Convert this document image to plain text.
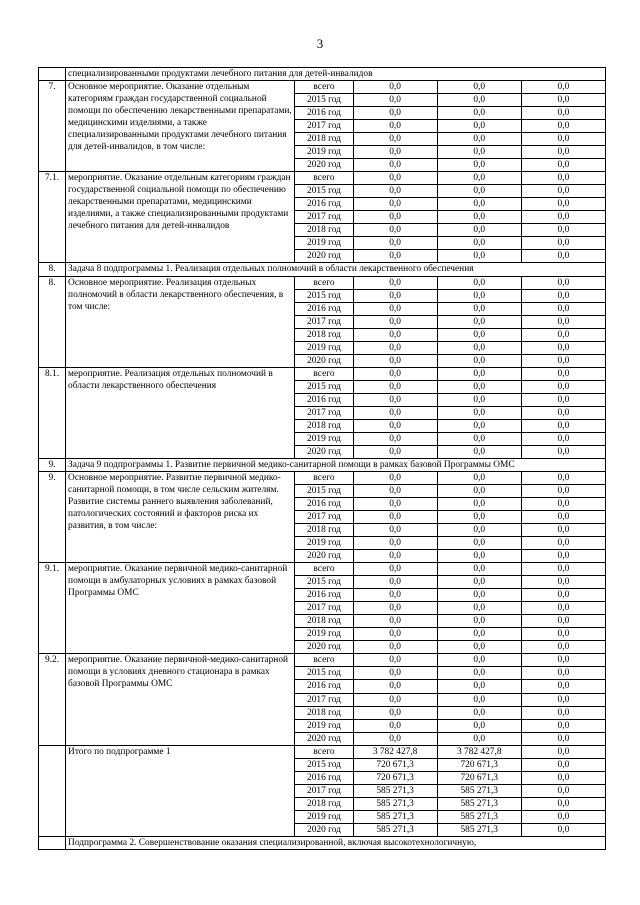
3
	специализированными продуктами лечебного питания для детей-инвалидов				
7.	Основное мероприятие. Оказание отдельным категориям граждан государственной социальной помощи по обеспечению лекарственными препаратами, медицинскими изделиями, а также специализированными продуктами лечебного питания для детей-инвалидов, в том числе:	всего	0,0	0,0	0,0
		2015 год	0,0	0,0	0,0
		2016 год	0,0	0,0	0,0
		2017 год	0,0	0,0	0,0
		2018 год	0,0	0,0	0,0
		2019 год	0,0	0,0	0,0
		2020 год	0,0	0,0	0,0
7.1.	мероприятие. Оказание отдельным категориям граждан государственной социальной помощи по обеспечению лекарственными препаратами, медицинскими изделиями, а также специализированными продуктами лечебного питания для детей-инвалидов	всего	0,0	0,0	0,0
		2015 год	0,0	0,0	0,0
		2016 год	0,0	0,0	0,0
		2017 год	0,0	0,0	0,0
		2018 год	0,0	0,0	0,0
		2019 год	0,0	0,0	0,0
		2020 год	0,0	0,0	0,0
8.	Задача 8 подпрограммы 1. Реализация отдельных полномочий в области лекарственного обеспечения				
8.	Основное мероприятие. Реализация отдельных полномочий в области лекарственного обеспечения, в том числе:	всего	0,0	0,0	0,0
		2015 год	0,0	0,0	0,0
		2016 год	0,0	0,0	0,0
		2017 год	0,0	0,0	0,0
		2018 год	0,0	0,0	0,0
		2019 год	0,0	0,0	0,0
		2020 год	0,0	0,0	0,0
8.1.	мероприятие. Реализация отдельных полномочий в области лекарственного обеспечения	всего	0,0	0,0	0,0
		2015 год	0,0	0,0	0,0
		2016 год	0,0	0,0	0,0
		2017 год	0,0	0,0	0,0
		2018 год	0,0	0,0	0,0
		2019 год	0,0	0,0	0,0
		2020 год	0,0	0,0	0,0
9.	Задача 9 подпрограммы 1. Развитие первичной медико-санитарной помощи в рамках базовой Программы ОМС				
9.	Основное мероприятие. Развитие первичной медико-санитарной помощи, в том числе сельским жителям. Развитие системы раннего выявления заболеваний, патологических состояний и факторов риска их развития, в том числе:	всего	0,0	0,0	0,0
		2015 год	0,0	0,0	0,0
		2016 год	0,0	0,0	0,0
		2017 год	0,0	0,0	0,0
		2018 год	0,0	0,0	0,0
		2019 год	0,0	0,0	0,0
		2020 год	0,0	0,0	0,0
9.1.	мероприятие. Оказание первичной медико-санитарной помощи в амбулаторных условиях в рамках базовой Программы ОМС	всего	0,0	0,0	0,0
		2015 год	0,0	0,0	0,0
		2016 год	0,0	0,0	0,0
		2017 год	0,0	0,0	0,0
		2018 год	0,0	0,0	0,0
		2019 год	0,0	0,0	0,0
		2020 год	0,0	0,0	0,0
9.2.	мероприятие. Оказание первичной-медико-санитарной помощи в условиях дневного стационара в рамках базовой Программы ОМС	всего	0,0	0,0	0,0
		2015 год	0,0	0,0	0,0
		2016 год	0,0	0,0	0,0
		2017 год	0,0	0,0	0,0
		2018 год	0,0	0,0	0,0
		2019 год	0,0	0,0	0,0
		2020 год	0,0	0,0	0,0
	Итого по подпрограмме 1	всего	3 782 427,8	3 782 427,8	0,0
		2015 год	720 671,3	720 671,3	0,0
		2016 год	720 671,3	720 671,3	0,0
		2017 год	585 271,3	585 271,3	0,0
		2018 год	585 271,3	585 271,3	0,0
		2019 год	585 271,3	585 271,3	0,0
		2020 год	585 271,3	585 271,3	0,0
	Подпрограмма 2. Совершенствование оказания специализированной, включая высокотехнологичную,				
